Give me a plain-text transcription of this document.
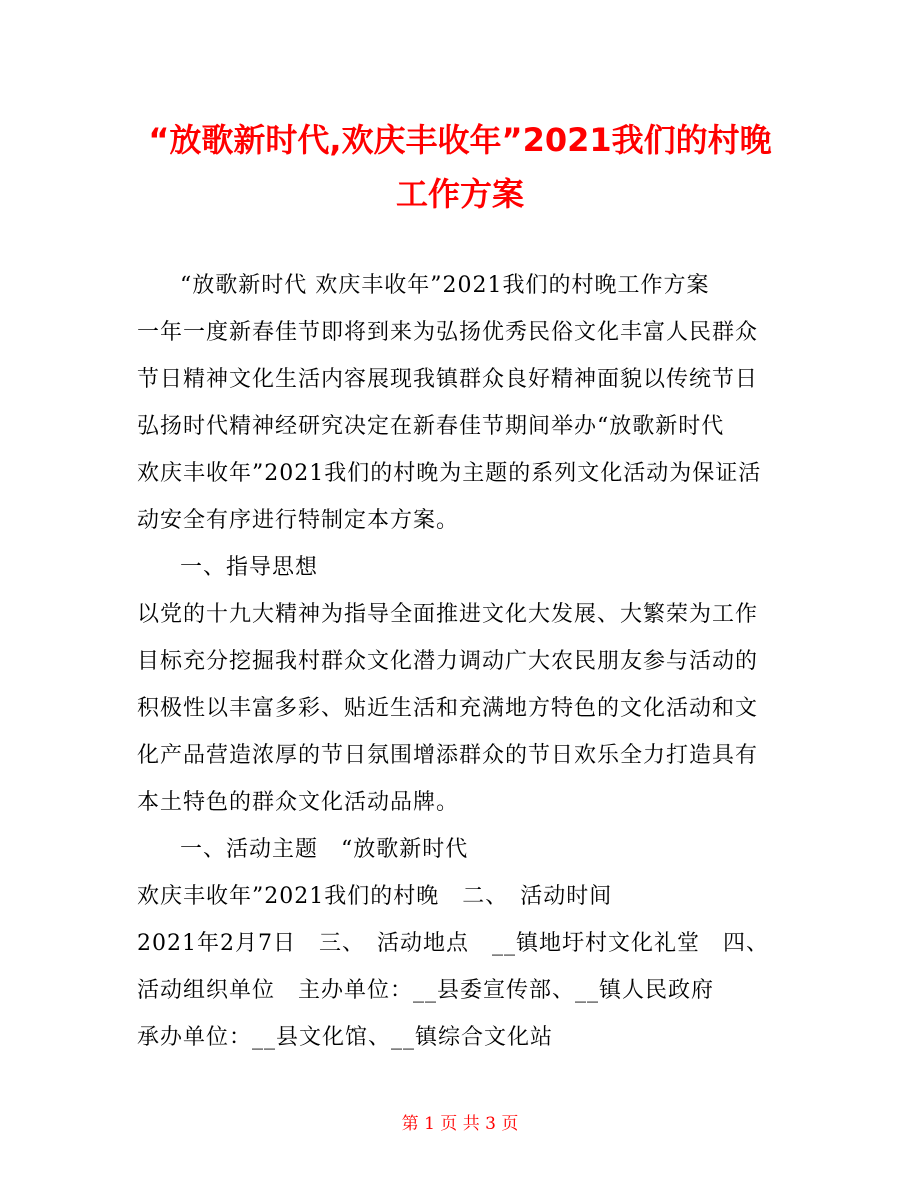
“放歌新时代,欢庆丰收年”2021我们的村晚
工作方案

“放歌新时代 欢庆丰收年”2021我们的村晚工作方案

一年一度新春佳节即将到来为弘扬优秀民俗文化丰富人民群众

节日精神文化生活内容展现我镇群众良好精神面貌以传统节日

弘扬时代精神经研究决定在新春佳节期间举办“放歌新时代

欢庆丰收年”2021我们的村晚为主题的系列文化活动为保证活

动安全有序进行特制定本方案。

一、指导思想

以党的十九大精神为指导全面推进文化大发展、大繁荣为工作

目标充分挖掘我村群众文化潜力调动广大农民朋友参与活动的

积极性以丰富多彩、贴近生活和充满地方特色的文化活动和文

化产品营造浓厚的节日氛围增添群众的节日欢乐全力打造具有

本土特色的群众文化活动品牌。

一、活动主题　“放歌新时代

欢庆丰收年”2021我们的村晚　二、　活动时间

2021年2月7日　三、　活动地点　__镇地圩村文化礼堂　四、

活动组织单位　主办单位：__县委宣传部、__镇人民政府

承办单位：__县文化馆、__镇综合文化站

第 1 页 共 3 页
